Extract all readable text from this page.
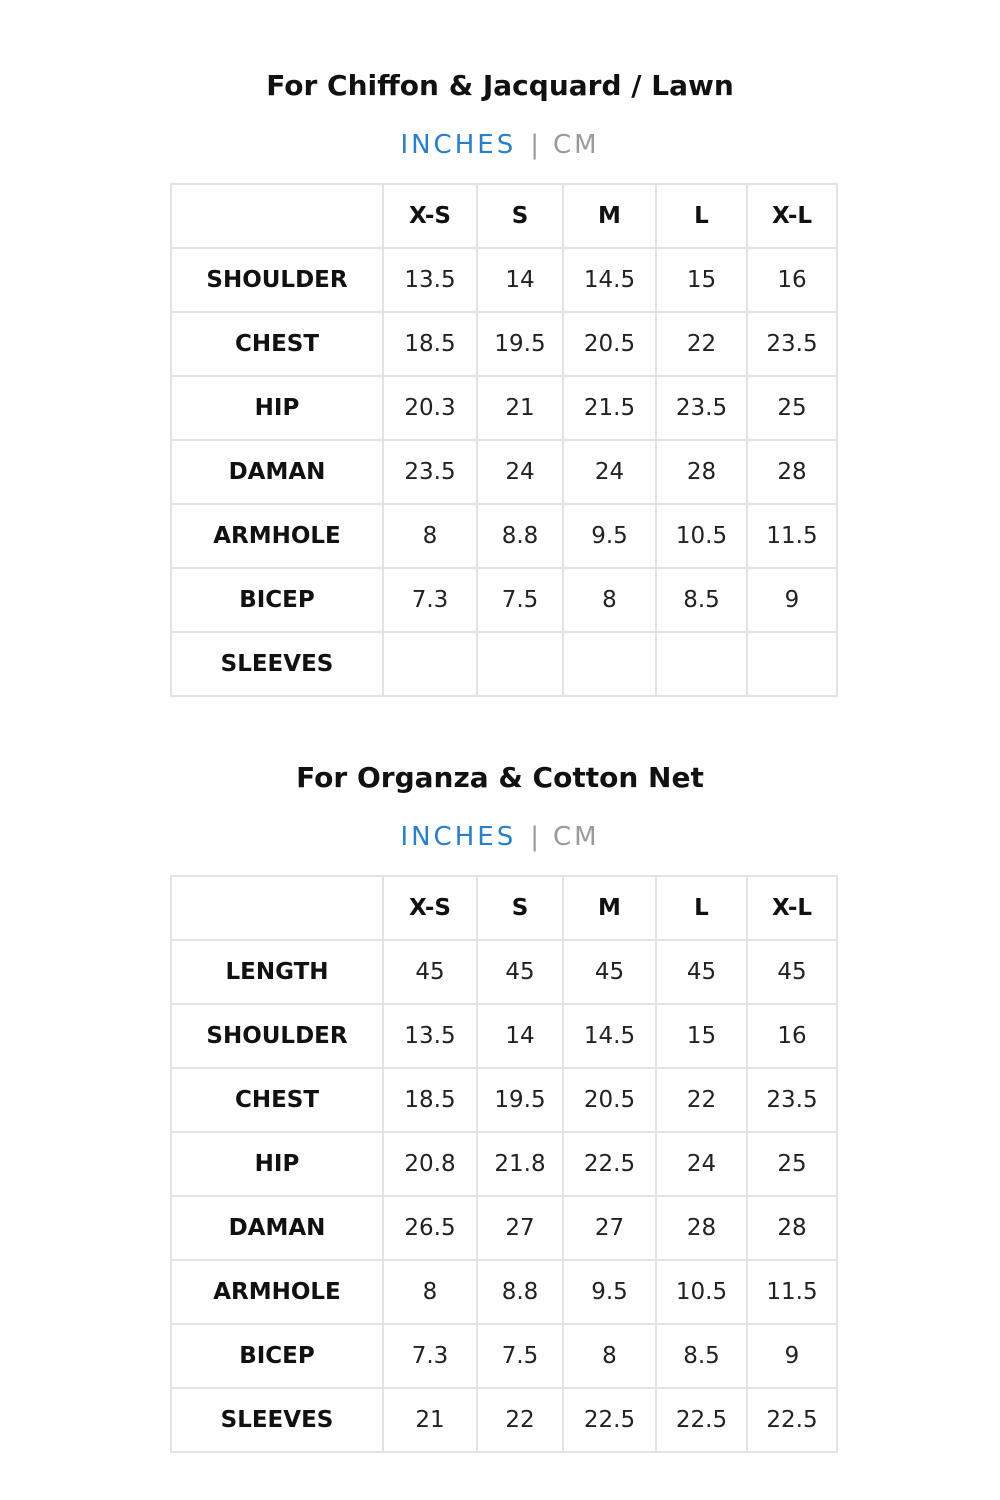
For Chiffon & Jacquard / Lawn
INCHES | CM
	X-S	S	M	L	X-L
SHOULDER	13.5	14	14.5	15	16
CHEST	18.5	19.5	20.5	22	23.5
HIP	20.3	21	21.5	23.5	25
DAMAN	23.5	24	24	28	28
ARMHOLE	8	8.8	9.5	10.5	11.5
BICEP	7.3	7.5	8	8.5	9
SLEEVES					
For Organza & Cotton Net
INCHES | CM
	X-S	S	M	L	X-L
LENGTH	45	45	45	45	45
SHOULDER	13.5	14	14.5	15	16
CHEST	18.5	19.5	20.5	22	23.5
HIP	20.8	21.8	22.5	24	25
DAMAN	26.5	27	27	28	28
ARMHOLE	8	8.8	9.5	10.5	11.5
BICEP	7.3	7.5	8	8.5	9
SLEEVES	21	22	22.5	22.5	22.5
